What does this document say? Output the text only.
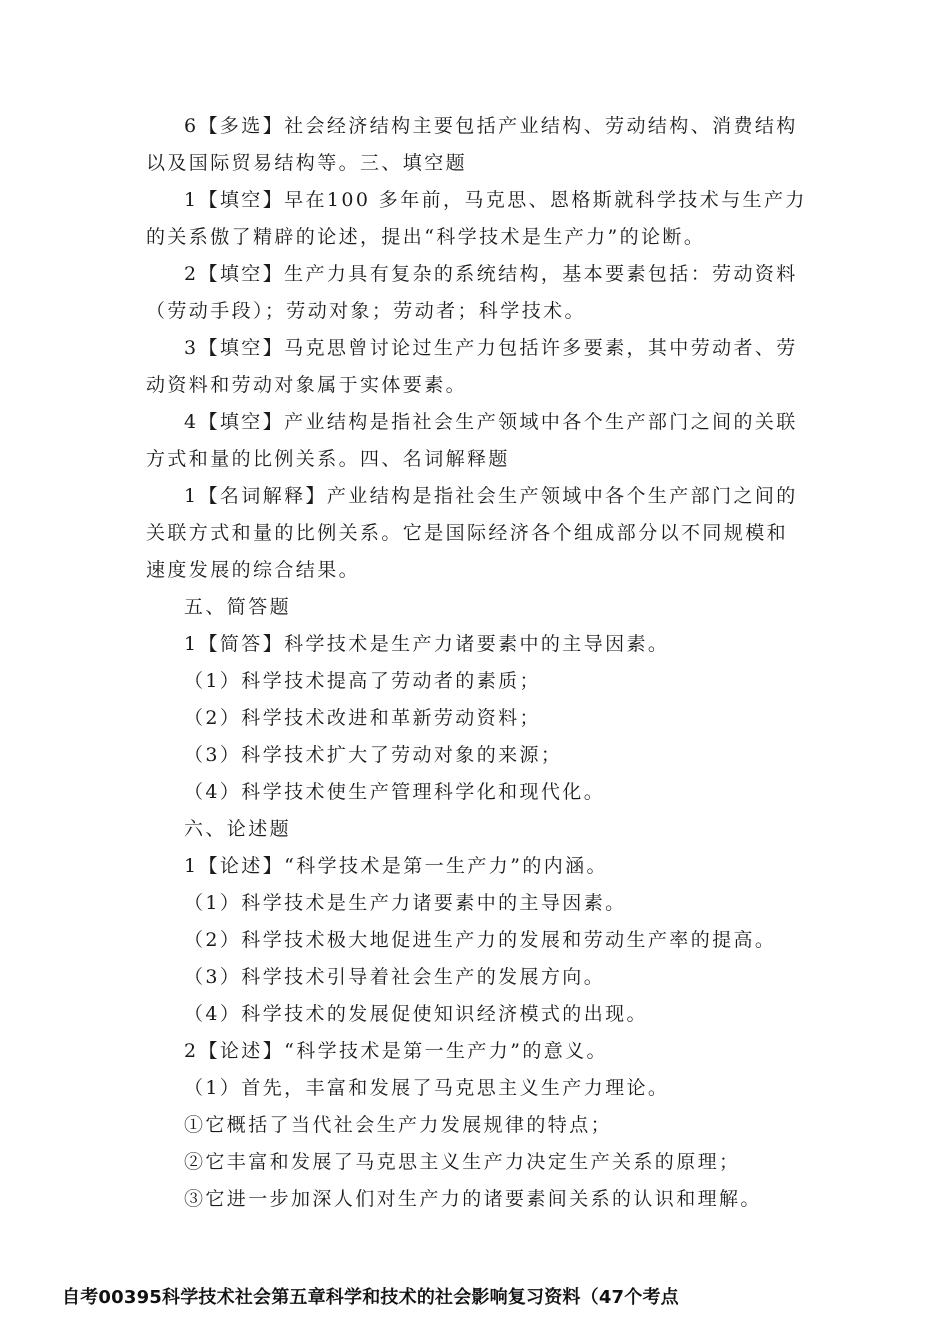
6【多选】社会经济结构主要包括产业结构、劳动结构、消费结构
以及国际贸易结构等。三、填空题
1【填空】早在100 多年前，马克思、恩格斯就科学技术与生产力
的关系傲了精辟的论述，提出“科学技术是生产力”的论断。
2【填空】生产力具有复杂的系统结构，基本要素包括：劳动资料
（劳动手段）；劳动对象；劳动者；科学技术。
3【填空】马克思曾讨论过生产力包括许多要素，其中劳动者、劳
动资料和劳动对象属于实体要素。
4【填空】产业结构是指社会生产领域中各个生产部门之间的关联
方式和量的比例关系。四、名词解释题
1【名词解释】产业结构是指社会生产领域中各个生产部门之间的
关联方式和量的比例关系。它是国际经济各个组成部分以不同规模和
速度发展的综合结果。
五、简答题
1【简答】科学技术是生产力诸要素中的主导因素。
（1）科学技术提高了劳动者的素质；
（2）科学技术改进和革新劳动资料；
（3）科学技术扩大了劳动对象的来源；
（4）科学技术使生产管理科学化和现代化。
六、论述题
1【论述】“科学技术是第一生产力”的内涵。
（1）科学技术是生产力诸要素中的主导因素。
（2）科学技术极大地促进生产力的发展和劳动生产率的提高。
（3）科学技术引导着社会生产的发展方向。
（4）科学技术的发展促使知识经济模式的出现。
2【论述】“科学技术是第一生产力”的意义。
（1）首先，丰富和发展了马克思主义生产力理论。
①它概括了当代社会生产力发展规律的特点；
②它丰富和发展了马克思主义生产力决定生产关系的原理；
③它进一步加深人们对生产力的诸要素间关系的认识和理解。
自考00395科学技术社会第五章科学和技术的社会影响复习资料（47个考点
